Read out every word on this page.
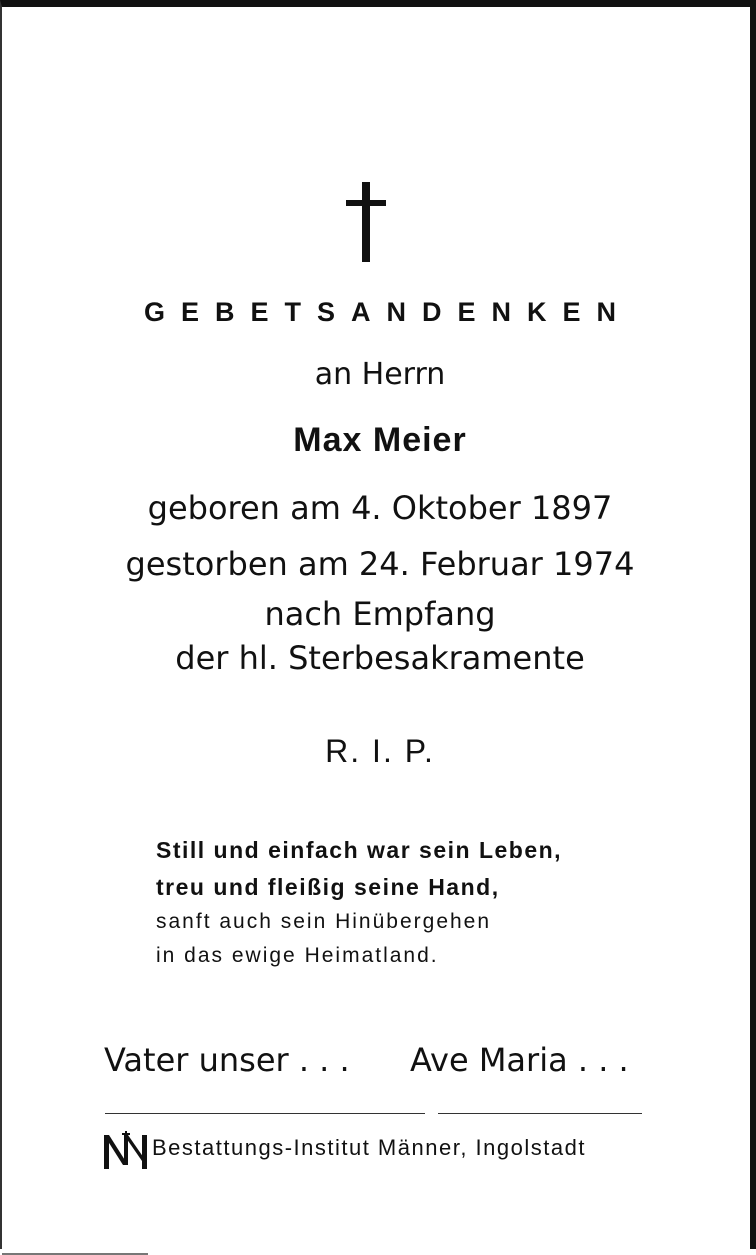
GEBETSANDENKEN
an Herrn
Max Meier
geboren am 4. Oktober 1897
gestorben am 24. Februar 1974
nach Empfang
der hl. Sterbesakramente
R. I. P.
Still und einfach war sein Leben,
treu und fleißig seine Hand,
sanft auch sein Hinübergehen
in das ewige Heimatland.
Vater unser . . . Ave Maria . . .
Bestattungs-Institut Männer, Ingolstadt
